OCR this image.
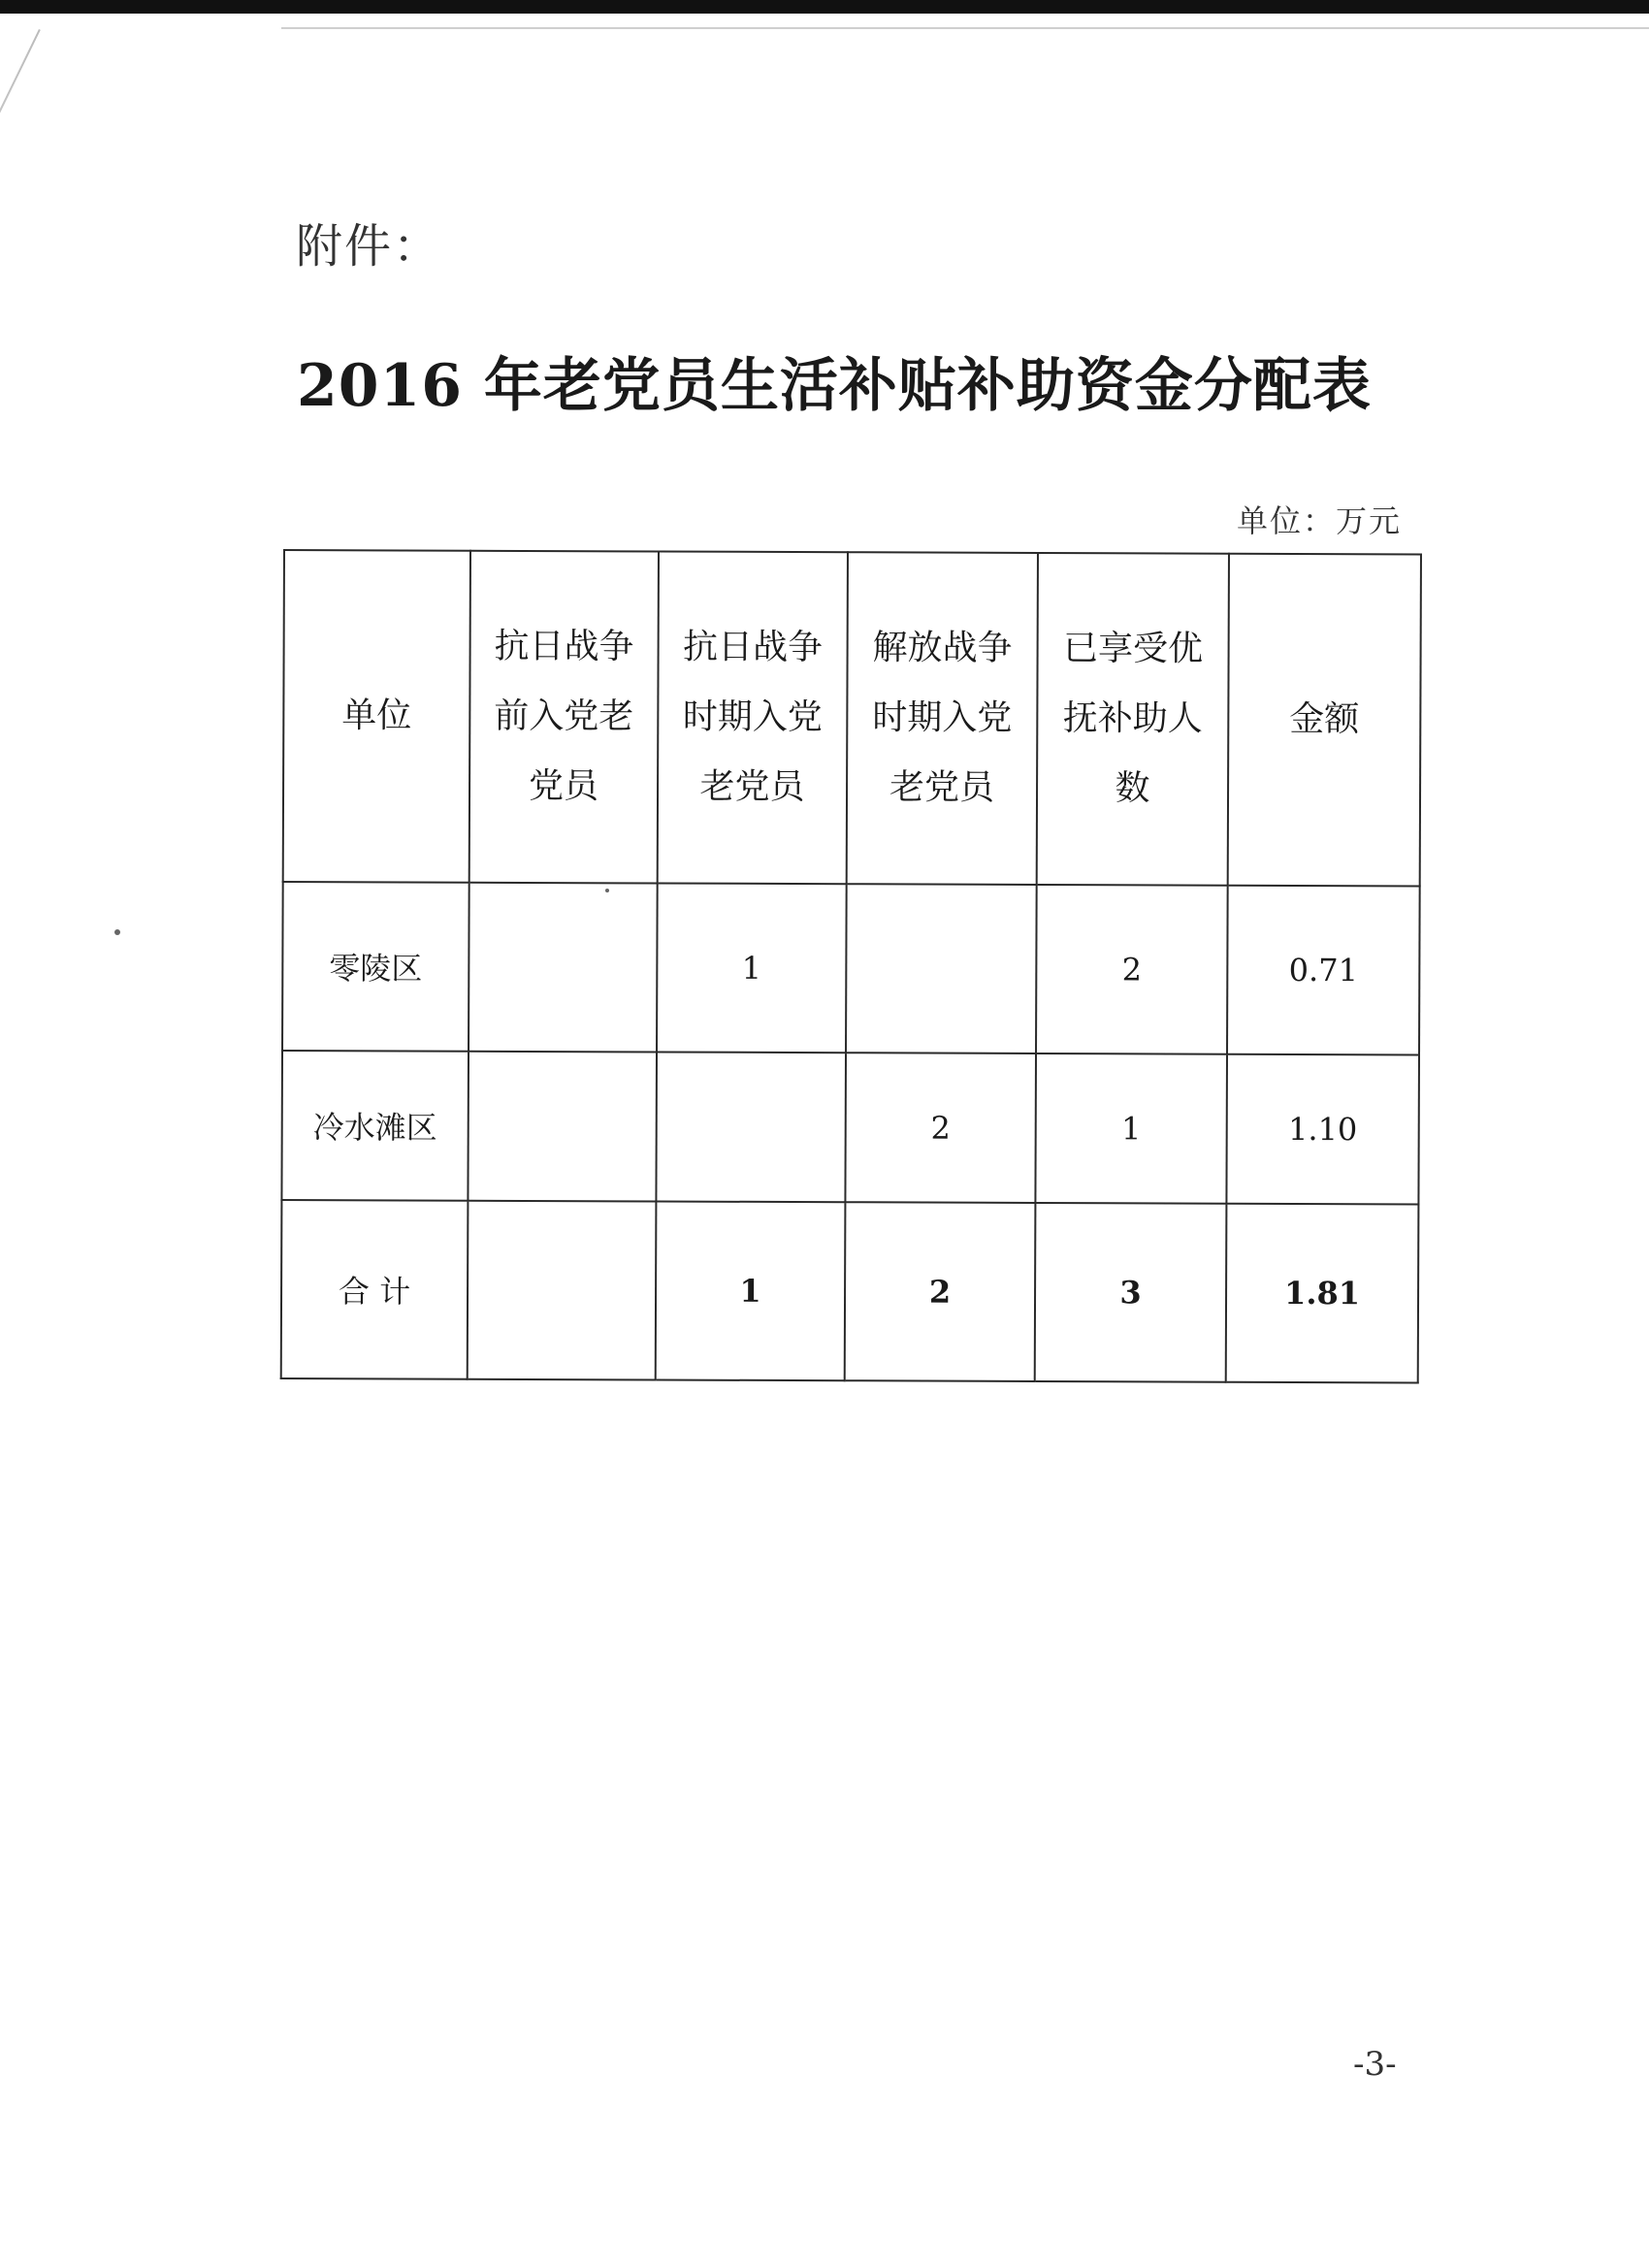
附件：
2016 年老党员生活补贴补助资金分配表
单位：万元
单位	抗日战争前入党老党员	抗日战争时期入党老党员	解放战争时期入党老党员	已享受优抚补助人数	金额
零陵区		1		2	0.71
冷水滩区			2	1	1.10
合 计		1	2	3	1.81
-3-
